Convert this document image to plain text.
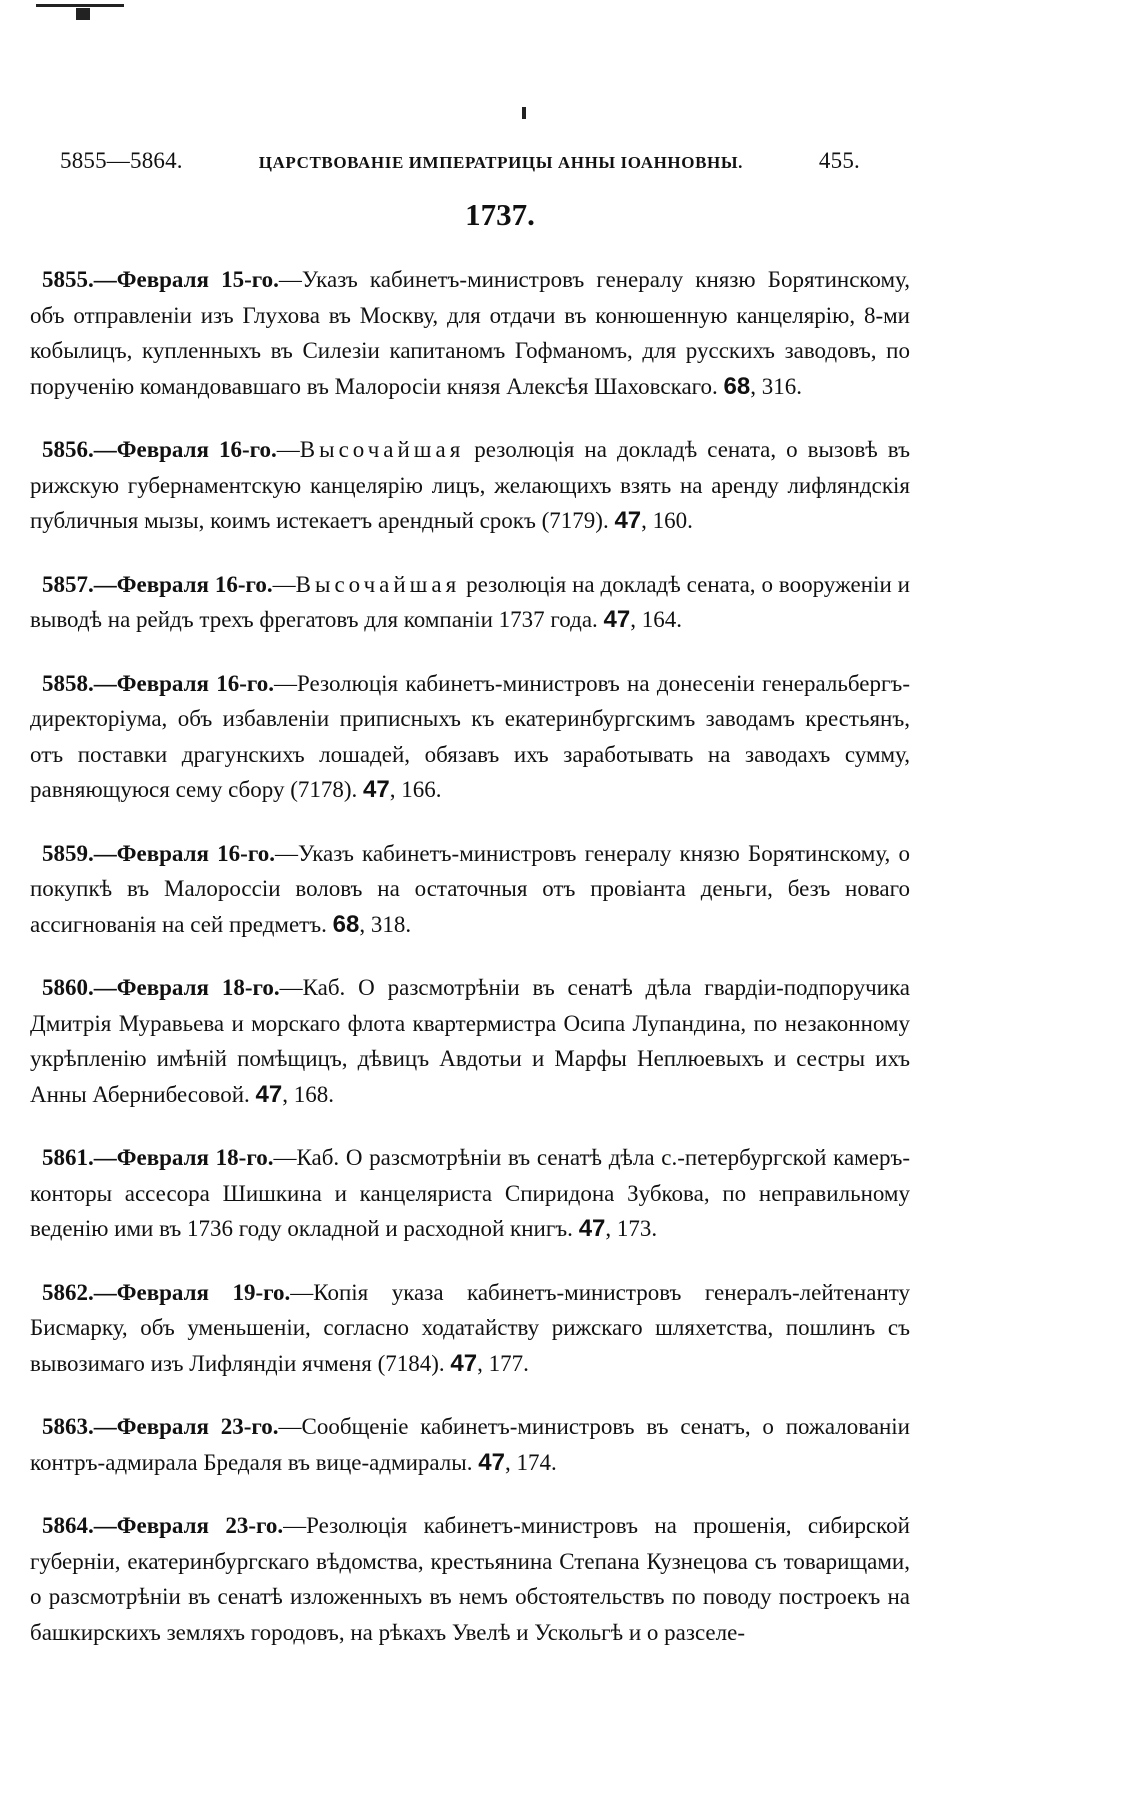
5855—5864.	ЦАРСТВОВАНІЕ ИМПЕРАТРИЦЫ АННЫ ІОАННОВНЫ.	455.
1737.

5855.—Февраля 15-го.—Указъ кабинетъ-министровъ генералу князю Борятинскому, объ отправленіи изъ Глухова въ Москву, для отдачи въ конюшенную канцелярію, 8-ми кобылицъ, купленныхъ въ Силезіи капитаномъ Гофманомъ, для русскихъ заводовъ, по порученію командовавшаго въ Малоросіи князя Алексѣя Шаховскаго. 68, 316.

5856.—Февраля 16-го.—Высочайшая резолюція на докладѣ сената, о вызовѣ въ рижскую губернаментскую канцелярію лицъ, желающихъ взять на аренду лифляндскія публичныя мызы, коимъ истекаетъ арендный срокъ (7179). 47, 160.

5857.—Февраля 16-го.—Высочайшая резолюція на докладѣ сената, о вооруженіи и выводѣ на рейдъ трехъ фрегатовъ для компаніи 1737 года. 47, 164.

5858.—Февраля 16-го.—Резолюція кабинетъ-министровъ на донесеніи генеральбергъ-директоріума, объ избавленіи приписныхъ къ екатеринбургскимъ заводамъ крестьянъ, отъ поставки драгунскихъ лошадей, обязавъ ихъ заработывать на заводахъ сумму, равняющуюся сему сбору (7178). 47, 166.

5859.—Февраля 16-го.—Указъ кабинетъ-министровъ генералу князю Борятинскому, о покупкѣ въ Малороссіи воловъ на остаточныя отъ провіанта деньги, безъ новаго ассигнованія на сей предметъ. 68, 318.

5860.—Февраля 18-го.—Каб. О разсмотрѣніи въ сенатѣ дѣла гвардіи-подпоручика Дмитрія Муравьева и морскаго флота квартермистра Осипа Лупандина, по незаконному укрѣпленію имѣній помѣщицъ, дѣвицъ Авдотьи и Марфы Неплюевыхъ и сестры ихъ Анны Абернибесовой. 47, 168.

5861.—Февраля 18-го.—Каб. О разсмотрѣніи въ сенатѣ дѣла с.-петербургской камеръ-конторы ассесора Шишкина и канцеляриста Спиридона Зубкова, по неправильному веденію ими въ 1736 году окладной и расходной книгъ. 47, 173.

5862.—Февраля 19-го.—Копія указа кабинетъ-министровъ генералъ-лейтенанту Бисмарку, объ уменьшеніи, согласно ходатайству рижскаго шляхетства, пошлинъ съ вывозимаго изъ Лифляндіи ячменя (7184). 47, 177.

5863.—Февраля 23-го.—Сообщеніе кабинетъ-министровъ въ сенатъ, о пожалованіи контръ-адмирала Бредаля въ вице-адмиралы. 47, 174.

5864.—Февраля 23-го.—Резолюція кабинетъ-министровъ на прошенія, сибирской губерніи, екатеринбургскаго вѣдомства, крестьянина Степана Кузнецова съ товарищами, о разсмотрѣніи въ сенатѣ изложенныхъ въ немъ обстоятельствъ по поводу построекъ на башкирскихъ земляхъ городовъ, на рѣкахъ Увелѣ и Ускольгѣ и о разселе-
